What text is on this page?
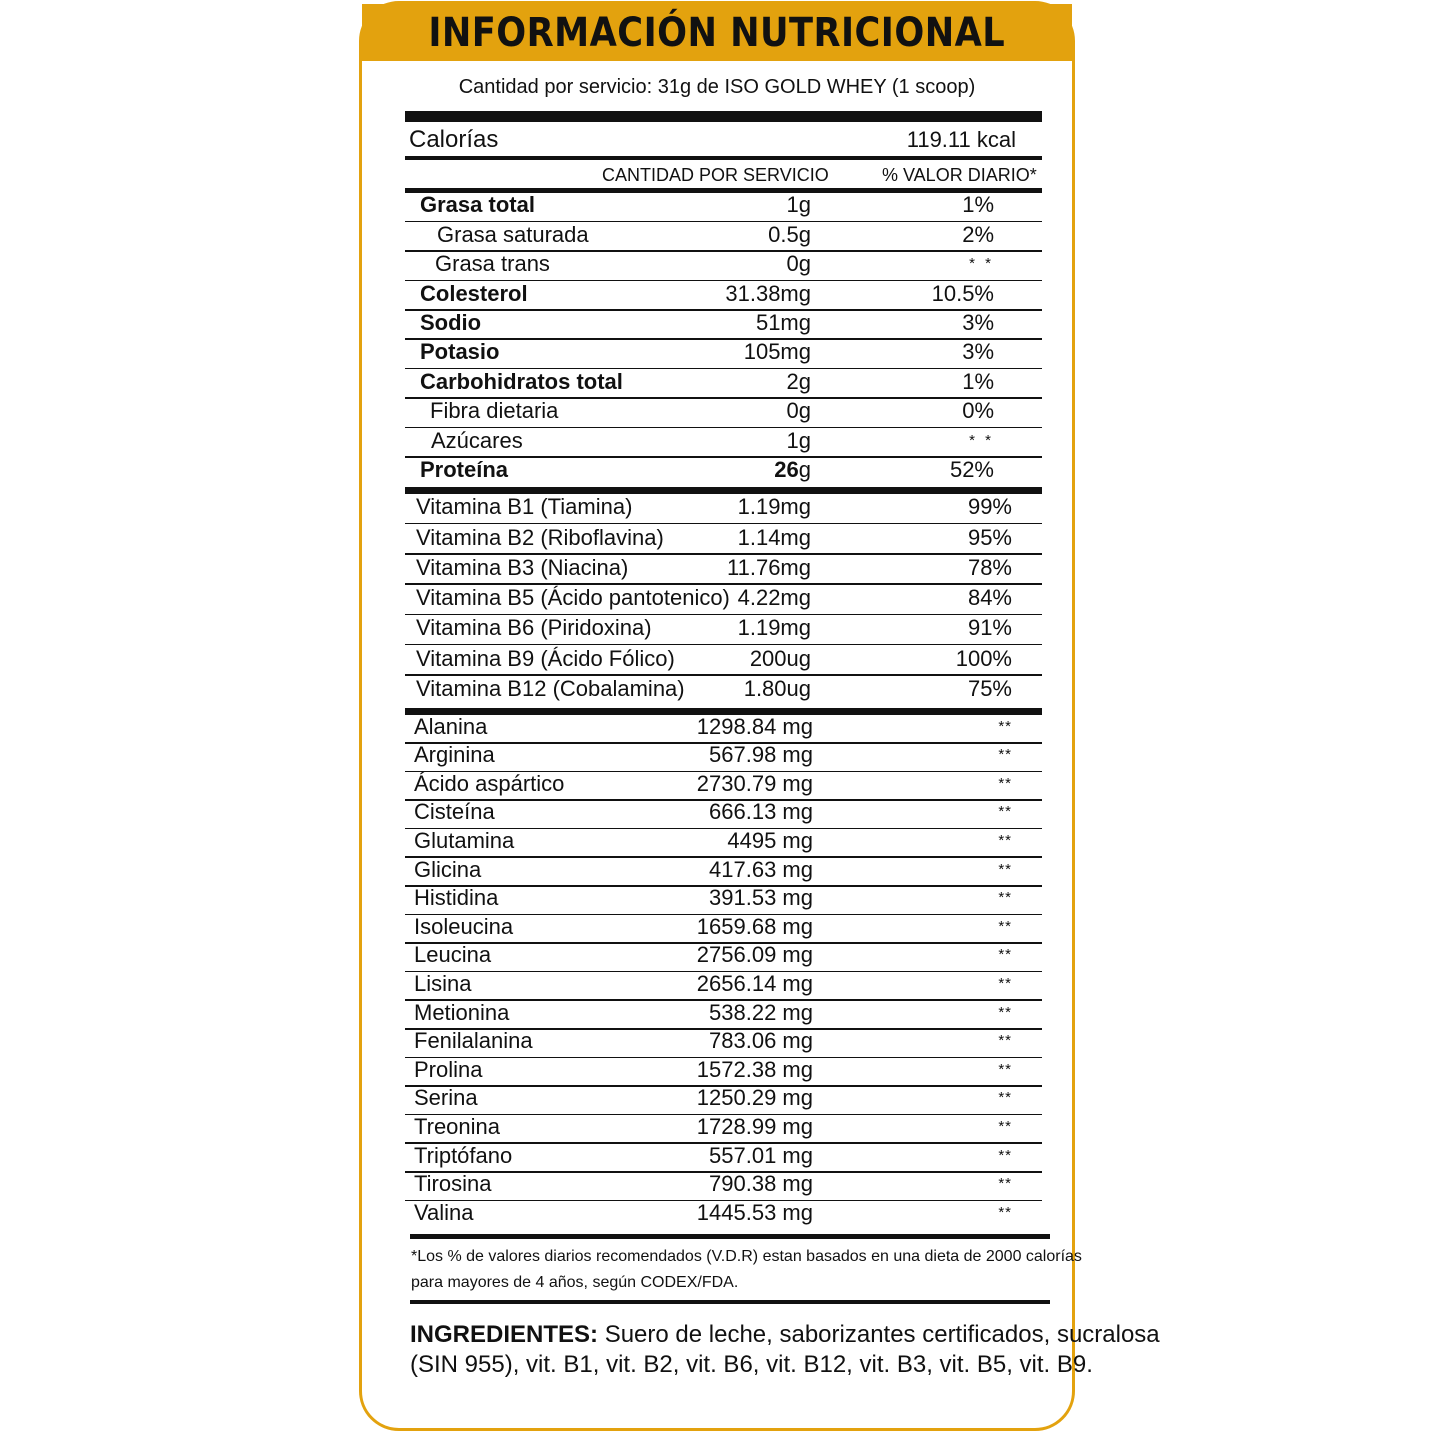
INFORMACIÓN NUTRICIONAL
Cantidad por servicio: 31g de ISO GOLD WHEY (1 scoop)
Calorías	119.11 kcal
CANTIDAD POR SERVICIO	% VALOR DIARIO*
Grasa total	1g	1%
Grasa saturada	0.5g	2%
Grasa trans	0g	* *
Colesterol	31.38mg	10.5%
Sodio	51mg	3%
Potasio	105mg	3%
Carbohidratos total	2g	1%
Fibra dietaria	0g	0%
Azúcares	1g	* *
Proteína	26g	52%
Vitamina B1 (Tiamina)	1.19mg	99%
Vitamina B2 (Riboflavina)	1.14mg	95%
Vitamina B3 (Niacina)	11.76mg	78%
Vitamina B5 (Ácido pantotenico) 4.22mg	84%
Vitamina B6 (Piridoxina)	1.19mg	91%
Vitamina B9 (Ácido Fólico)	200ug	100%
Vitamina B12 (Cobalamina)	1.80ug	75%
Alanina	1298.84 mg	**
Arginina	567.98 mg	**
Ácido aspártico	2730.79 mg	**
Cisteína	666.13 mg	**
Glutamina	4495 mg	**
Glicina	417.63 mg	**
Histidina	391.53 mg	**
Isoleucina	1659.68 mg	**
Leucina	2756.09 mg	**
Lisina	2656.14 mg	**
Metionina	538.22 mg	**
Fenilalanina	783.06 mg	**
Prolina	1572.38 mg	**
Serina	1250.29 mg	**
Treonina	1728.99 mg	**
Triptófano	557.01 mg	**
Tirosina	790.38 mg	**
Valina	1445.53 mg	**
*Los % de valores diarios recomendados (V.D.R) estan basados en una dieta de 2000 calorías
para mayores de 4 años, según CODEX/FDA.
INGREDIENTES: Suero de leche, saborizantes certificados, sucralosa
(SIN 955), vit. B1, vit. B2, vit. B6, vit. B12, vit. B3, vit. B5, vit. B9.
